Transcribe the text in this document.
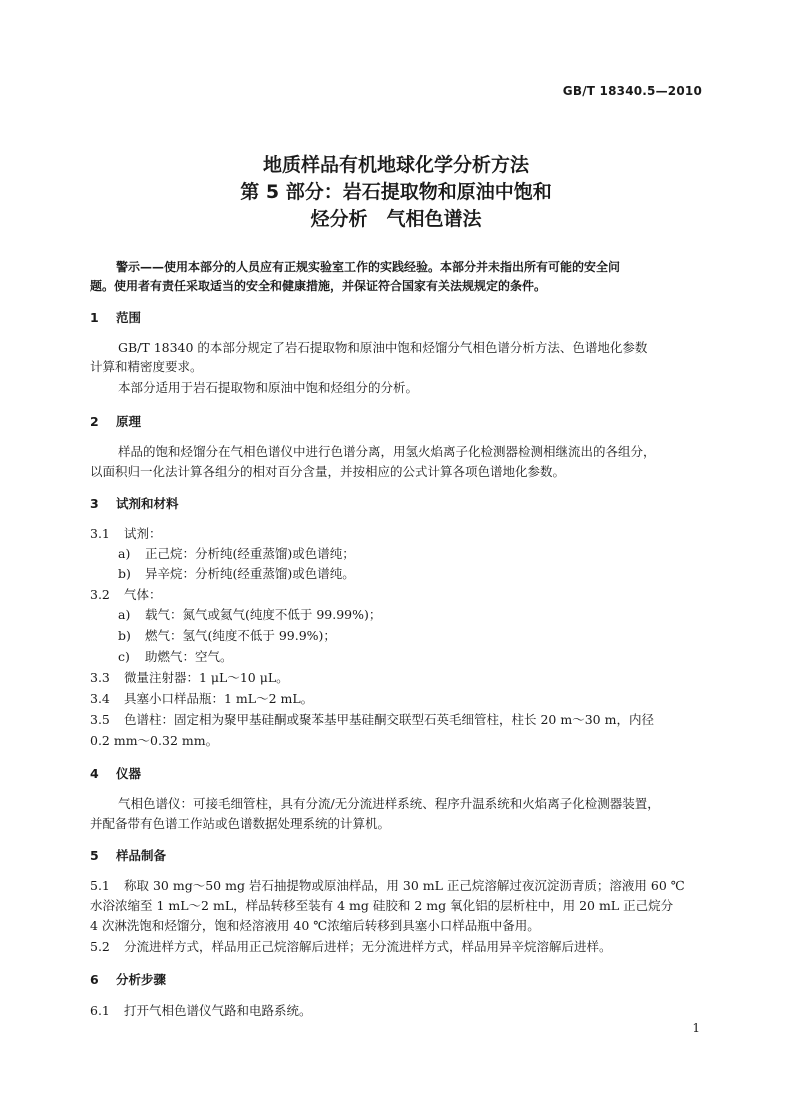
GB/T 18340.5—2010
地质样品有机地球化学分析方法
第 5 部分：岩石提取物和原油中饱和
烃分析　气相色谱法
警示——使用本部分的人员应有正规实验室工作的实践经验。本部分并未指出所有可能的安全问
题。使用者有责任采取适当的安全和健康措施，并保证符合国家有关法规规定的条件。
1 范围
GB/T 18340 的本部分规定了岩石提取物和原油中饱和烃馏分气相色谱分析方法、色谱地化参数
计算和精密度要求。
本部分适用于岩石提取物和原油中饱和烃组分的分析。
2 原理
样品的饱和烃馏分在气相色谱仪中进行色谱分离，用氢火焰离子化检测器检测相继流出的各组分，
以面积归一化法计算各组分的相对百分含量，并按相应的公式计算各项色谱地化参数。
3 试剂和材料
3.1 试剂：
a) 正己烷：分析纯(经重蒸馏)或色谱纯；
b) 异辛烷：分析纯(经重蒸馏)或色谱纯。
3.2 气体：
a) 载气：氮气或氦气(纯度不低于 99.99%)；
b) 燃气：氢气(纯度不低于 99.9%)；
c) 助燃气：空气。
3.3 微量注射器：1 μL～10 μL。
3.4 具塞小口样品瓶：1 mL～2 mL。
3.5 色谱柱：固定相为聚甲基硅酮或聚苯基甲基硅酮交联型石英毛细管柱，柱长 20 m～30 m，内径
0.2 mm～0.32 mm。
4 仪器
气相色谱仪：可接毛细管柱，具有分流/无分流进样系统、程序升温系统和火焰离子化检测器装置，
并配备带有色谱工作站或色谱数据处理系统的计算机。
5 样品制备
5.1 称取 30 mg～50 mg 岩石抽提物或原油样品，用 30 mL 正己烷溶解过夜沉淀沥青质；溶液用 60 ℃
水浴浓缩至 1 mL～2 mL，样品转移至装有 4 mg 硅胶和 2 mg 氧化铝的层析柱中，用 20 mL 正己烷分
4 次淋洗饱和烃馏分，饱和烃溶液用 40 ℃浓缩后转移到具塞小口样品瓶中备用。
5.2 分流进样方式，样品用正己烷溶解后进样；无分流进样方式，样品用异辛烷溶解后进样。
6 分析步骤
6.1 打开气相色谱仪气路和电路系统。
1
